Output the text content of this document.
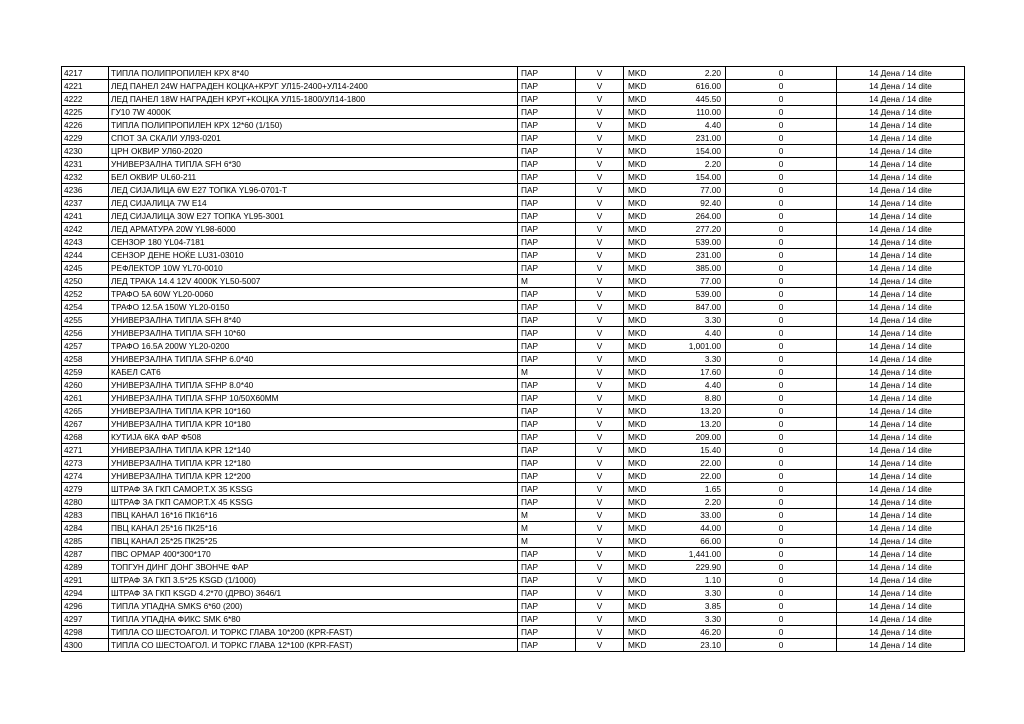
4217	ТИПЛА ПОЛИПРОПИЛЕН КРХ 8*40	ПАР	V	MKD 2.20	0	14 Дена / 14 dite
4221	ЛЕД ПАНЕЛ 24W НАГРАДЕН КОЦКА+КРУГ УЛ15-2400+УЛ14-2400	ПАР	V	MKD 616.00	0	14 Дена / 14 dite
4222	ЛЕД ПАНЕЛ 18W НАГРАДЕН КРУГ+КОЦКА УЛ15-1800/УЛ14-1800	ПАР	V	MKD 445.50	0	14 Дена / 14 dite
4225	ГУ10 7W 4000K	ПАР	V	MKD 110.00	0	14 Дена / 14 dite
4226	ТИПЛА ПОЛИПРОПИЛЕН КРХ 12*60 (1/150)	ПАР	V	MKD 4.40	0	14 Дена / 14 dite
4229	СПОТ ЗА СКАЛИ УЛ93-0201	ПАР	V	MKD 231.00	0	14 Дена / 14 dite
4230	ЦРН ОКВИР УЛ60-2020	ПАР	V	MKD 154.00	0	14 Дена / 14 dite
4231	УНИВЕРЗАЛНА ТИПЛА SFH 6*30	ПАР	V	MKD 2.20	0	14 Дена / 14 dite
4232	БЕЛ ОКВИР UL60-211	ПАР	V	MKD 154.00	0	14 Дена / 14 dite
4236	ЛЕД СИЈАЛИЦА 6W E27 ТОПКА YL96-0701-T	ПАР	V	MKD 77.00	0	14 Дена / 14 dite
4237	ЛЕД СИЈАЛИЦА 7W E14	ПАР	V	MKD 92.40	0	14 Дена / 14 dite
4241	ЛЕД СИЈАЛИЦА 30W E27 ТОПКА YL95-3001	ПАР	V	MKD 264.00	0	14 Дена / 14 dite
4242	ЛЕД АРМАТУРА 20W YL98-6000	ПАР	V	MKD 277.20	0	14 Дена / 14 dite
4243	СЕНЗОР 180 YL04-7181	ПАР	V	MKD 539.00	0	14 Дена / 14 dite
4244	СЕНЗОР ДЕНЕ НОЌЕ LU31-03010	ПАР	V	MKD 231.00	0	14 Дена / 14 dite
4245	РЕФЛЕКТОР 10W YL70-0010	ПАР	V	MKD 385.00	0	14 Дена / 14 dite
4250	ЛЕД ТРАКА 14.4 12V 4000K YL50-5007	М	V	MKD 77.00	0	14 Дена / 14 dite
4252	ТРАФО 5A 60W YL20-0060	ПАР	V	MKD 539.00	0	14 Дена / 14 dite
4254	ТРАФО 12.5A 150W YL20-0150	ПАР	V	MKD 847.00	0	14 Дена / 14 dite
4255	УНИВЕРЗАЛНА ТИПЛА SFH 8*40	ПАР	V	MKD 3.30	0	14 Дена / 14 dite
4256	УНИВЕРЗАЛНА ТИПЛА SFH 10*60	ПАР	V	MKD 4.40	0	14 Дена / 14 dite
4257	ТРАФО 16.5A 200W YL20-0200	ПАР	V	MKD 1,001.00	0	14 Дена / 14 dite
4258	УНИВЕРЗАЛНА ТИПЛА SFHP 6.0*40	ПАР	V	MKD 3.30	0	14 Дена / 14 dite
4259	КАБЕЛ CAT6	М	V	MKD 17.60	0	14 Дена / 14 dite
4260	УНИВЕРЗАЛНА ТИПЛА SFHP 8.0*40	ПАР	V	MKD 4.40	0	14 Дена / 14 dite
4261	УНИВЕРЗАЛНА ТИПЛА SFHP 10/50X60MM	ПАР	V	MKD 8.80	0	14 Дена / 14 dite
4265	УНИВЕРЗАЛНА ТИПЛА KPR 10*160	ПАР	V	MKD 13.20	0	14 Дена / 14 dite
4267	УНИВЕРЗАЛНА ТИПЛА KPR 10*180	ПАР	V	MKD 13.20	0	14 Дена / 14 dite
4268	КУТИЈА 6КА ФАР Ф508	ПАР	V	MKD 209.00	0	14 Дена / 14 dite
4271	УНИВЕРЗАЛНА ТИПЛА KPR 12*140	ПАР	V	MKD 15.40	0	14 Дена / 14 dite
4273	УНИВЕРЗАЛНА ТИПЛА KPR 12*180	ПАР	V	MKD 22.00	0	14 Дена / 14 dite
4274	УНИВЕРЗАЛНА ТИПЛА KPR 12*200	ПАР	V	MKD 22.00	0	14 Дена / 14 dite
4279	ШТРАФ ЗА ГКП САМОР.Т.Х 35 KSSG	ПАР	V	MKD 1.65	0	14 Дена / 14 dite
4280	ШТРАФ ЗА ГКП САМОР.Т.Х 45 KSSG	ПАР	V	MKD 2.20	0	14 Дена / 14 dite
4283	ПВЦ КАНАЛ 16*16 ПК16*16	М	V	MKD 33.00	0	14 Дена / 14 dite
4284	ПВЦ КАНАЛ 25*16 ПК25*16	М	V	MKD 44.00	0	14 Дена / 14 dite
4285	ПВЦ КАНАЛ 25*25 ПК25*25	М	V	MKD 66.00	0	14 Дена / 14 dite
4287	ПВС ОРМАР 400*300*170	ПАР	V	MKD 1,441.00	0	14 Дена / 14 dite
4289	ТОПГУН ДИНГ ДОНГ ЗВОНЧЕ ФАР	ПАР	V	MKD 229.90	0	14 Дена / 14 dite
4291	ШТРАФ ЗА ГКП 3.5*25 KSGD (1/1000)	ПАР	V	MKD 1.10	0	14 Дена / 14 dite
4294	ШТРАФ ЗА ГКП KSGD 4.2*70 (ДРВО) 3646/1	ПАР	V	MKD 3.30	0	14 Дена / 14 dite
4296	ТИПЛА УПАДНА SMKS 6*60 (200)	ПАР	V	MKD 3.85	0	14 Дена / 14 dite
4297	ТИПЛА УПАДНА ФИКС SMK 6*80	ПАР	V	MKD 3.30	0	14 Дена / 14 dite
4298	ТИПЛА СО ШЕСТОАГОЛ. И ТОРКС ГЛАВА 10*200 (KPR-FAST)	ПАР	V	MKD 46.20	0	14 Дена / 14 dite
4300	ТИПЛА СО ШЕСТОАГОЛ. И ТОРКС ГЛАВА 12*100 (KPR-FAST)	ПАР	V	MKD 23.10	0	14 Дена / 14 dite
